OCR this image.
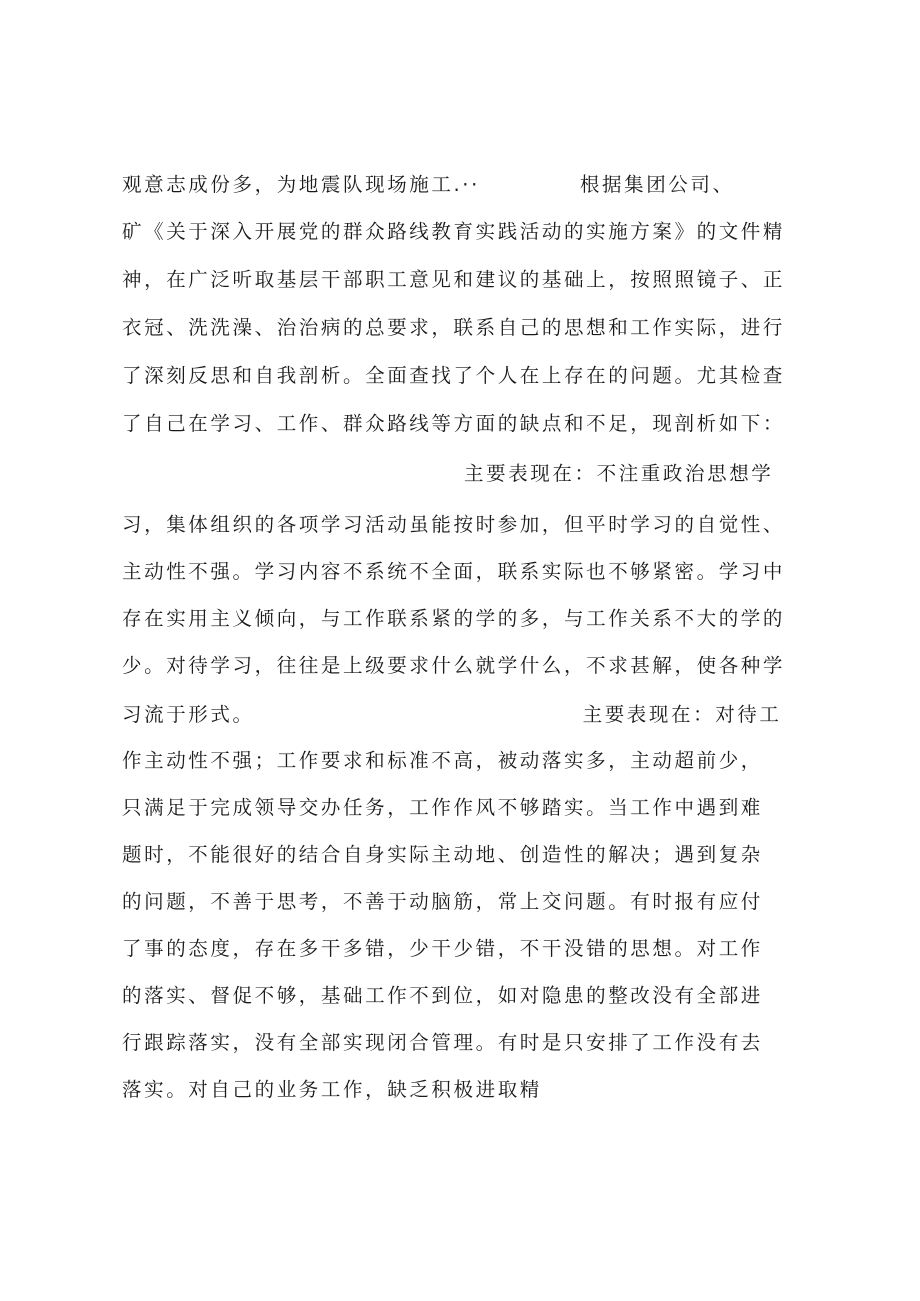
观意志成份多，为地震队现场施工.··	根据集团公司、
矿《关于深入开展党的群众路线教育实践活动的实施方案》的文件精
神，在广泛听取基层干部职工意见和建议的基础上，按照照镜子、正
衣冠、洗洗澡、治治病的总要求，联系自己的思想和工作实际，进行
了深刻反思和自我剖析。全面查找了个人在上存在的问题。尤其检查
了自己在学习、工作、群众路线等方面的缺点和不足，现剖析如下：
主要表现在：不注重政治思想学
习，集体组织的各项学习活动虽能按时参加，但平时学习的自觉性、
主动性不强。学习内容不系统不全面，联系实际也不够紧密。学习中
存在实用主义倾向，与工作联系紧的学的多，与工作关系不大的学的
少。对待学习，往往是上级要求什么就学什么，不求甚解，使各种学
习流于形式。	主要表现在：对待工
作主动性不强；工作要求和标准不高，被动落实多，主动超前少，
只满足于完成领导交办任务，工作作风不够踏实。当工作中遇到难
题时，不能很好的结合自身实际主动地、创造性的解决；遇到复杂
的问题，不善于思考，不善于动脑筋，常上交问题。有时报有应付
了事的态度，存在多干多错，少干少错，不干没错的思想。对工作
的落实、督促不够，基础工作不到位，如对隐患的整改没有全部进
行跟踪落实，没有全部实现闭合管理。有时是只安排了工作没有去
落实。对自己的业务工作，缺乏积极进取精
